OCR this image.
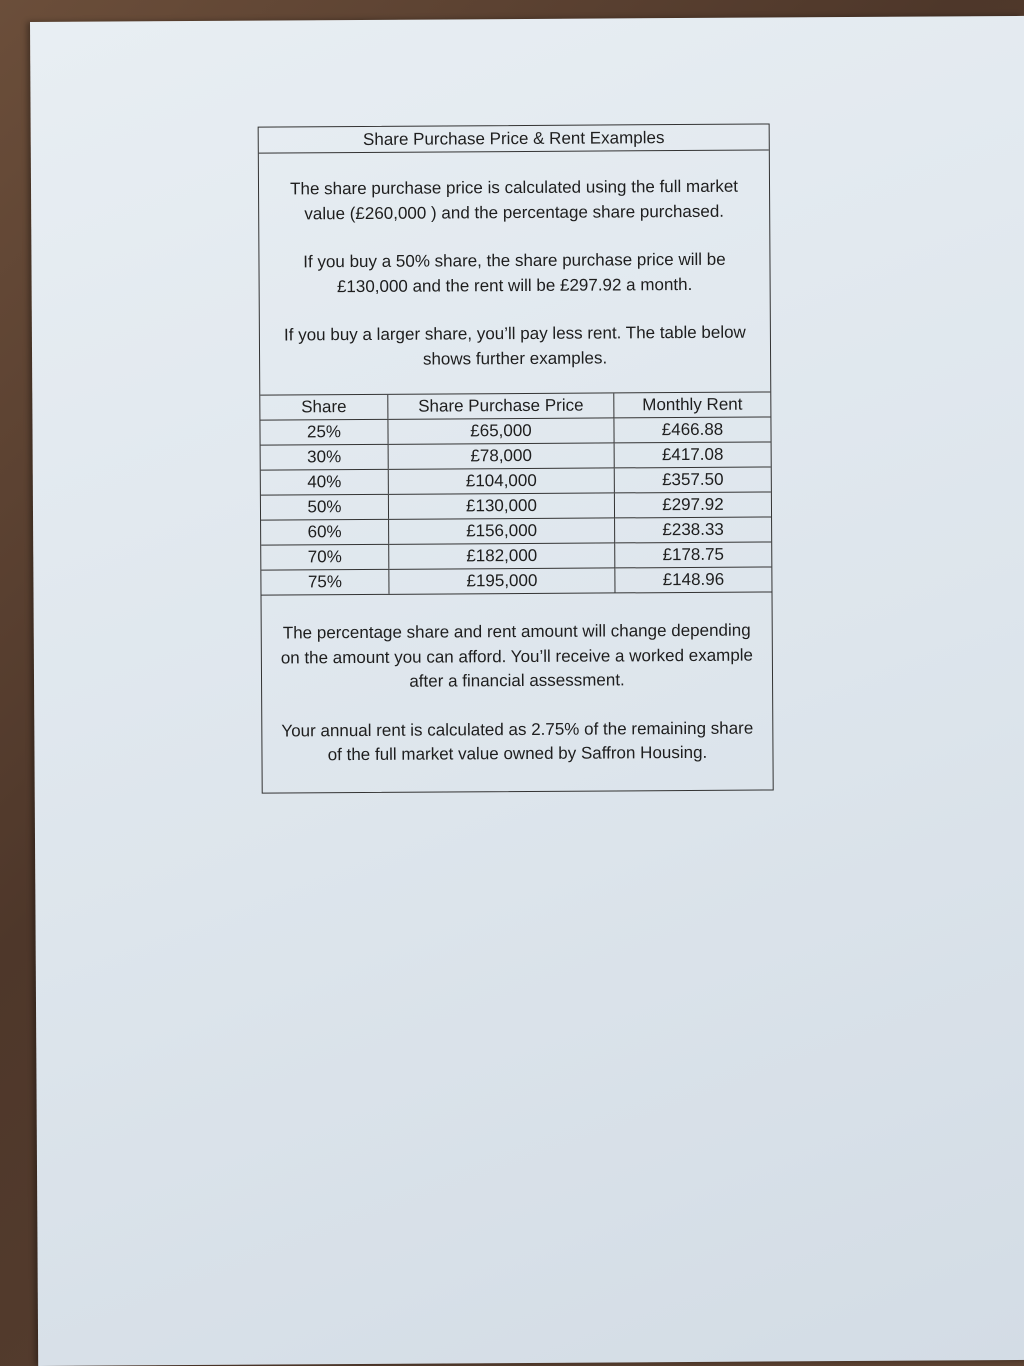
Share Purchase Price & Rent Examples

The share purchase price is calculated using the full market value (£260,000 ) and the percentage share purchased.

If you buy a 50% share, the share purchase price will be £130,000 and the rent will be £297.92 a month.

If you buy a larger share, you’ll pay less rent. The table below shows further examples.

Share	Share Purchase Price	Monthly Rent
25%	£65,000	£466.88
30%	£78,000	£417.08
40%	£104,000	£357.50
50%	£130,000	£297.92
60%	£156,000	£238.33
70%	£182,000	£178.75
75%	£195,000	£148.96

The percentage share and rent amount will change depending on the amount you can afford. You’ll receive a worked example after a financial assessment.

Your annual rent is calculated as 2.75% of the remaining share of the full market value owned by Saffron Housing.
